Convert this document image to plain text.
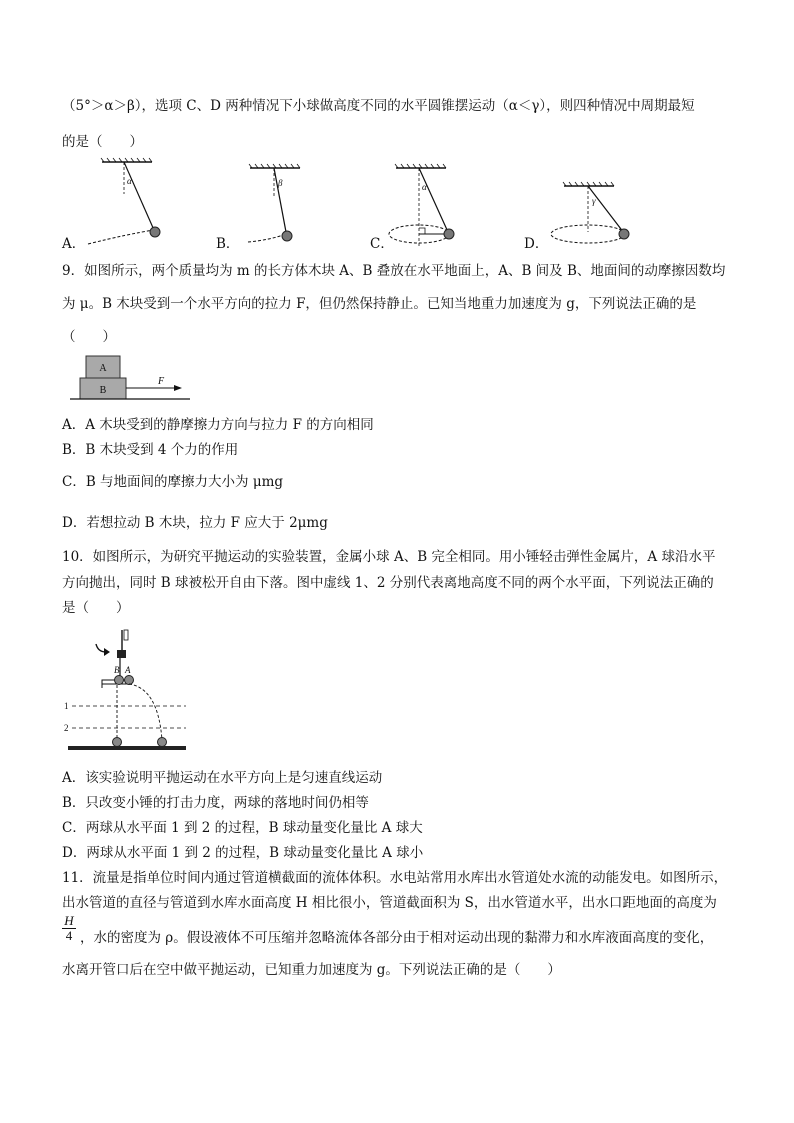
（5°＞α＞β），选项 C、D 两种情况下小球做高度不同的水平圆锥摆运动（α＜γ），则四种情况中周期最短
的是（　　）
A．	B．	C．	D．
α	β	α
γ
9．如图所示，两个质量均为 m 的长方体木块 A、B 叠放在水平地面上，A、B 间及 B、地面间的动摩擦因数均
为 μ。B 木块受到一个水平方向的拉力 F，但仍然保持静止。已知当地重力加速度为 g，下列说法正确的是
（　　）
A
B
F
A．A 木块受到的静摩擦力方向与拉力 F 的方向相同
B．B 木块受到 4 个力的作用
C．B 与地面间的摩擦力大小为 μmg
D．若想拉动 B 木块，拉力 F 应大于 2μmg
10．如图所示，为研究平抛运动的实验装置，金属小球 A、B 完全相同。用小锤轻击弹性金属片，A 球沿水平
方向抛出，同时 B 球被松开自由下落。图中虚线 1、2 分别代表离地高度不同的两个水平面，下列说法正确的
是（　　）
B A
1
2
A．该实验说明平抛运动在水平方向上是匀速直线运动
B．只改变小锤的打击力度，两球的落地时间仍相等
C．两球从水平面 1 到 2 的过程，B 球动量变化量比 A 球大
D．两球从水平面 1 到 2 的过程，B 球动量变化量比 A 球小
11．流量是指单位时间内通过管道横截面的流体体积。水电站常用水库出水管道处水流的动能发电。如图所示，
出水管道的直径与管道到水库水面高度 H 相比很小，管道截面积为 S，出水管道水平，出水口距地面的高度为
$\frac{H}{4}$ ，水的密度为 ρ。假设液体不可压缩并忽略流体各部分由于相对运动出现的黏滞力和水库液面高度的变化，
水离开管口后在空中做平抛运动，已知重力加速度为 g。下列说法正确的是（　　）
